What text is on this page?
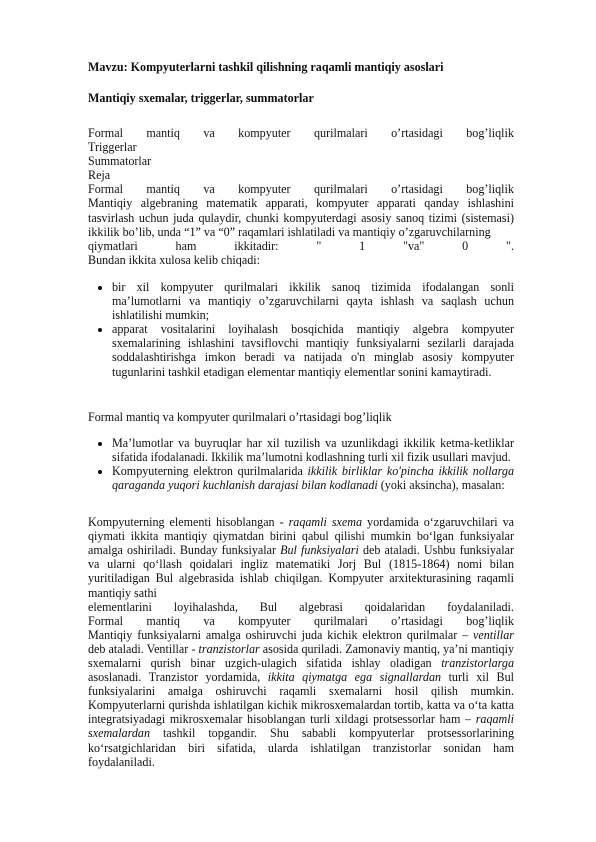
Mavzu: Kompyuterlarni tashkil qilishning raqamli mantiqiy asoslari

Mantiqiy sxemalar, triggerlar, summatorlar

Formal mantiq va kompyuter qurilmalari o’rtasidagi bog’liqlik

Triggerlar

Summatorlar

Reja

Formal mantiq va kompyuter qurilmalari o’rtasidagi bog’liqlik

Mantiqiy algebraning matematik apparati, kompyuter apparati qanday ishlashini tasvirlash uchun juda qulaydir, chunki kompyuterdagi asosiy sanoq tizimi (sistemasi) ikkilik bo’lib, unda “1” va “0” raqamlari ishlatiladi va mantiqiy o’zgaruvchilarning

qiymatlari	ham	ikkitadir:	"	1	"va"	0	".

Bundan ikkita xulosa kelib chiqadi:

• bir xil kompyuter qurilmalari ikkilik sanoq tizimida ifodalangan sonli ma’lumotlarni va mantiqiy o’zgaruvchilarni qayta ishlash va saqlash uchun ishlatilishi mumkin;
• apparat vositalarini loyihalash bosqichida mantiqiy algebra kompyuter sxemalarining ishlashini tavsiflovchi mantiqiy funksiyalarni sezilarli darajada soddalashtirishga imkon beradi va natijada o'n minglab asosiy kompyuter tugunlarini tashkil etadigan elementar mantiqiy elementlar sonini kamaytiradi.

Formal mantiq va kompyuter qurilmalari o’rtasidagi bog’liqlik

• Ma’lumotlar va buyruqlar har xil tuzilish va uzunlikdagi ikkilik ketma-ketliklar sifatida ifodalanadi. Ikkilik ma’lumotni kodlashning turli xil fizik usullari mavjud.
• Kompyuterning elektron qurilmalarida ikkilik birliklar ko'pincha ikkilik nollarga qaraganda yuqori kuchlanish darajasi bilan kodlanadi (yoki aksincha), masalan:

Kompyuterning elementi hisoblangan - raqamli sxema yordamida o‘zgaruvchilari va qiymati ikkita mantiqiy qiymatdan birini qabul qilishi mumkin bo‘lgan funksiyalar amalga oshiriladi. Bunday funksiyalar Bul funksiyalari deb ataladi. Ushbu funksiyalar va ularni qo‘llash qoidalari ingliz matematiki Jorj Bul (1815-1864) nomi bilan yuritiladigan Bul algebrasida ishlab chiqilgan. Kompyuter arxitekturasining raqamli mantiqiy sathi

elementlarini loyihalashda, Bul algebrasi qoidalaridan foydalaniladi.
Formal mantiq va kompyuter qurilmalari o’rtasidagi bog’liqlik

Mantiqiy funksiyalarni amalga oshiruvchi juda kichik elektron qurilmalar – ventillar deb ataladi. Ventillar - tranzistorlar asosida quriladi. Zamonaviy mantiq, ya’ni mantiqiy sxemalarni qurish binar uzgich-ulagich sifatida ishlay oladigan tranzistorlarga asoslanadi. Tranzistor yordamida, ikkita qiymatga ega signallardan turli xil Bul funksiyalarini amalga oshiruvchi raqamli sxemalarni hosil qilish mumkin. Kompyuterlarni qurishda ishlatilgan kichik mikrosxemalardan tortib, katta va o‘ta katta integratsiyadagi mikrosxemalar hisoblangan turli xildagi protsessorlar ham – raqamli sxemalardan tashkil topgandir. Shu sababli kompyuterlar protsessorlarining ko‘rsatgichlaridan biri sifatida, ularda ishlatilgan tranzistorlar sonidan ham foydalaniladi.
